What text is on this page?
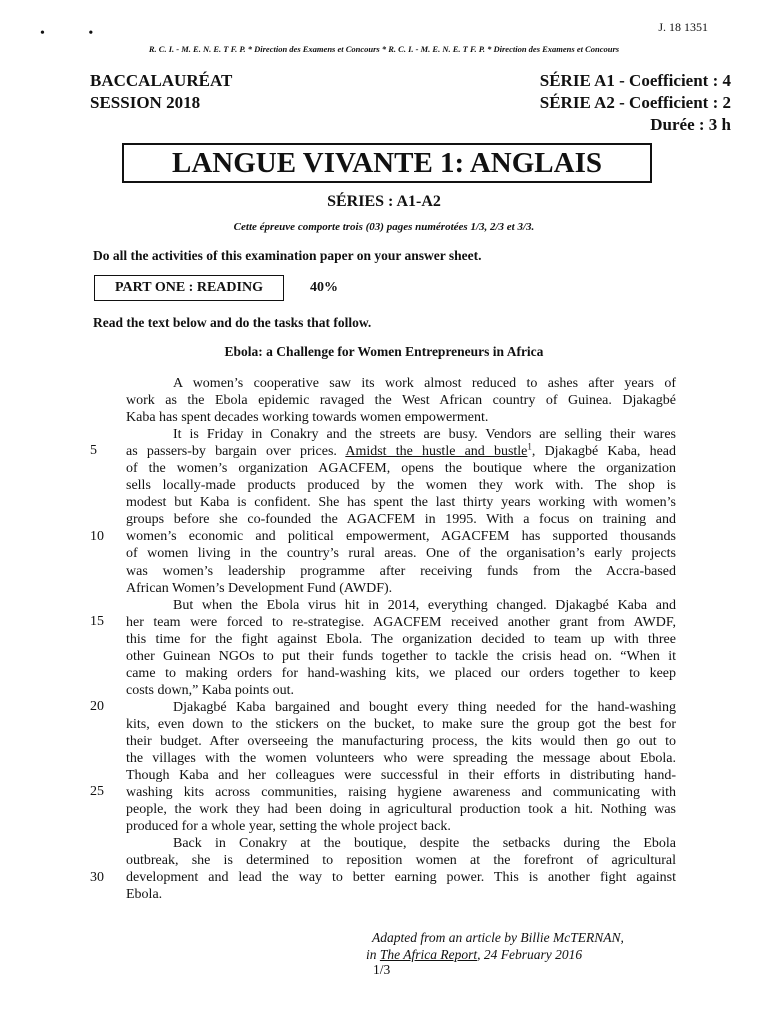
• •	J. 18 1351
R. C. I. - M. E. N. E. T F. P. * Direction des Examens et Concours * R. C. I. - M. E. N. E. T F. P. * Direction des Examens et Concours
BACCALAURÉAT
SESSION 2018
SÉRIE A1 - Coefficient : 4
SÉRIE A2 - Coefficient : 2
Durée : 3 h
LANGUE VIVANTE 1: ANGLAIS
SÉRIES : A1-A2
Cette épreuve comporte trois (03) pages numérotées 1/3, 2/3 et 3/3.
Do all the activities of this examination paper on your answer sheet.
PART ONE : READING	40%
Read the text below and do the tasks that follow.
Ebola: a Challenge for Women Entrepreneurs in Africa
A women’s cooperative saw its work almost reduced to ashes after years of
work as the Ebola epidemic ravaged the West African country of Guinea. Djakagbé
Kaba has spent decades working towards women empowerment.
It is Friday in Conakry and the streets are busy. Vendors are selling their wares
as passers-by bargain over prices. Amidst the hustle and bustle$^1$, Djakagbé Kaba, head
of the women’s organization AGACFEM, opens the boutique where the organization
sells locally-made products produced by the women they work with. The shop is
modest but Kaba is confident. She has spent the last thirty years working with women’s
groups before she co-founded the AGACFEM in 1995. With a focus on training and
women’s economic and political empowerment, AGACFEM has supported thousands
of women living in the country’s rural areas. One of the organisation’s early projects
was women’s leadership programme after receiving funds from the Accra-based
African Women’s Development Fund (AWDF).
But when the Ebola virus hit in 2014, everything changed. Djakagbé Kaba and
her team were forced to re-strategise. AGACFEM received another grant from AWDF,
this time for the fight against Ebola. The organization decided to team up with three
other Guinean NGOs to put their funds together to tackle the crisis head on. “When it
came to making orders for hand-washing kits, we placed our orders together to keep
costs down,” Kaba points out.
Djakagbé Kaba bargained and bought every thing needed for the hand-washing
kits, even down to the stickers on the bucket, to make sure the group got the best for
their budget. After overseeing the manufacturing process, the kits would then go out to
the villages with the women volunteers who were spreading the message about Ebola.
Though Kaba and her colleagues were successful in their efforts in distributing hand-
washing kits across communities, raising hygiene awareness and communicating with
people, the work they had been doing in agricultural production took a hit. Nothing was
produced for a whole year, setting the whole project back.
Back in Conakry at the boutique, despite the setbacks during the Ebola
outbreak, she is determined to reposition women at the forefront of agricultural
development and lead the way to better earning power. This is another fight against
Ebola.
5
10
15
20
25
30
Adapted from an article by Billie McTERNAN,
in The Africa Report, 24 February 2016
1/3
